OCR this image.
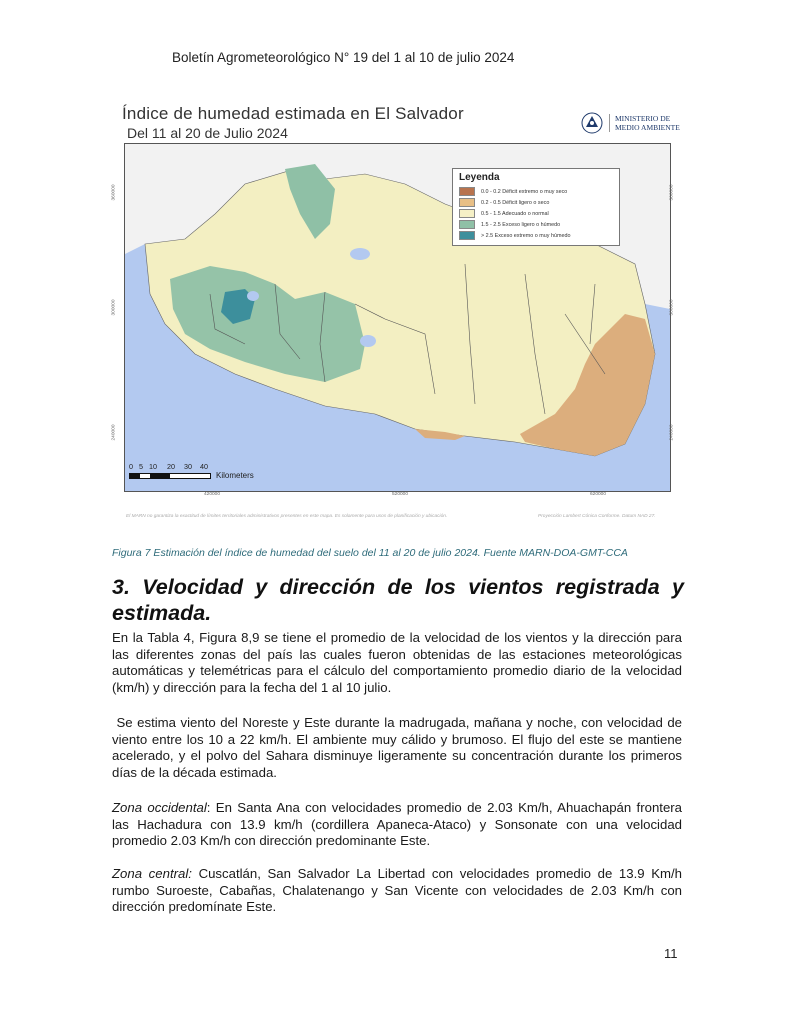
Boletín Agrometeorológico N° 19 del 1 al 10 de julio 2024
Índice de humedad estimada en El Salvador
Del 11 al 20 de Julio 2024
MINISTERIO DE
MEDIO AMBIENTE
Leyenda
0.0 - 0.2 Déficit extremo o muy seco
0.2 - 0.5 Déficit ligero o seco
0.5 - 1.5 Adecuado o normal
1.5 - 2.5 Exceso ligero o húmedo
> 2.5 Exceso extremo o muy húmedo
0 5 10	20	30	40
Kilometers
420000	520000	620000
360000
300000
240000
360000
300000
240000
El MARN no garantiza la exactitud de límites territoriales administrativos presentes en este mapa. Es solamente para usos de planificación y ubicación.	Proyección Lambert Cónica Conforme. Datum NAD 27.
Figura 7 Estimación del índice de humedad del suelo del 11 al 20 de julio 2024. Fuente MARN-DOA-GMT-CCA
3. Velocidad y dirección de los vientos registrada y estimada.
En la Tabla 4, Figura 8,9 se tiene el promedio de la velocidad de los vientos y la dirección para las diferentes zonas del país las cuales fueron obtenidas de las estaciones meteorológicas automáticas y telemétricas para el cálculo del comportamiento promedio diario de la velocidad (km/h) y dirección para la fecha del 1 al 10 julio.
Se estima viento del Noreste y Este durante la madrugada, mañana y noche, con velocidad de viento entre los 10 a 22 km/h. El ambiente muy cálido y brumoso. El flujo del este se mantiene acelerado, y el polvo del Sahara disminuye ligeramente su concentración durante los primeros días de la década estimada.
Zona occidental: En Santa Ana con velocidades promedio de 2.03 Km/h, Ahuachapán frontera las Hachadura con 13.9 km/h (cordillera Apaneca-Ataco) y Sonsonate con una velocidad promedio 2.03 Km/h con dirección predominante Este.
Zona central: Cuscatlán, San Salvador La Libertad con velocidades promedio de 13.9 Km/h rumbo Suroeste, Cabañas, Chalatenango y San Vicente con velocidades de 2.03 Km/h con dirección predomínate Este.
11
